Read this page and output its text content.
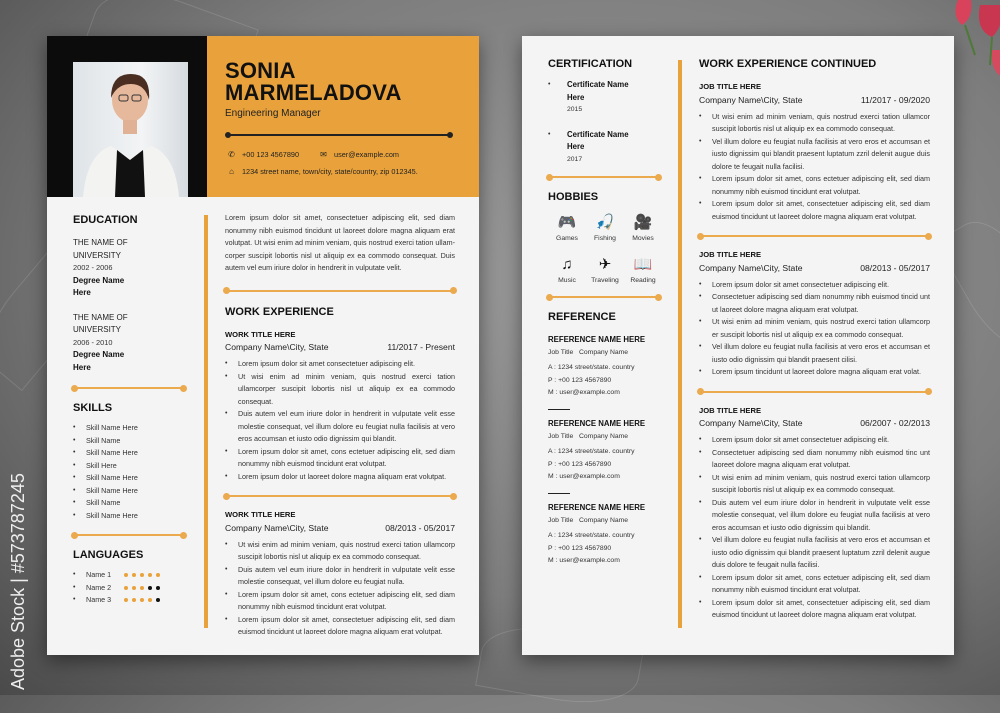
Adobe Stock | #573787245
SONIA
MARMELADOVA
Engineering Manager
✆ +00 123 4567890	✉ user@example.com
⌂ 1234 street name, town/city, state/country, zip 012345.
EDUCATION
THE NAME OF
UNIVERSITY
2002 - 2006
Degree Name
Here
THE NAME OF
UNIVERSITY
2006 - 2010
Degree Name
Here
SKILLS
• Skill Name Here
• Skill Name
• Skill Name Here
• Skill Here
• Skill Name Here
• Skill Name Here
• Skill Name
• Skill Name Here
LANGUAGES
• Name 1
• Name 2
• Name 3
Lorem ipsum dolor sit amet, consectetuer adipiscing elit, sed diam nonummy nibh euismod tincidunt ut laoreet dolore magna aliquam erat volutpat. Ut wisi enim ad minim veniam, quis nostrud exerci tation ullam-corper suscipit lobortis nisl ut aliquip ex ea commodo consequat. Duis autem vel eum iriure dolor in hendrerit in vulputate velit.
WORK EXPERIENCE
WORK TITLE HERE
Company Name\City, State	11/2017 - Present
• Lorem ipsum dolor sit amet consectetuer adipiscing elit.
• Ut wisi enim ad minim veniam, quis nostrud exerci tation ullamcorper suscipit lobortis nisl ut aliquip ex ea commodo consequat.
• Duis autem vel eum iriure dolor in hendrerit in vulputate velit esse molestie consequat, vel illum dolore eu feugiat nulla facilisis at vero eros accumsan et iusto odio dignissim qui blandit.
• Lorem ipsum dolor sit amet, cons ectetuer adipiscing elit, sed diam nonummy nibh euismod tincidunt erat volutpat.
• Lorem ipsum dolor ut laoreet dolore magna aliquam erat volutpat.
WORK TITLE HERE
Company Name\City, State	08/2013 - 05/2017
• Ut wisi enim ad minim veniam, quis nostrud exerci tation ullamcorp suscipit lobortis nisl ut aliquip ex ea commodo consequat.
• Duis autem vel eum iriure dolor in hendrerit in vulputate velit esse molestie consequat, vel illum dolore eu feugiat nulla.
• Lorem ipsum dolor sit amet, cons ectetuer adipiscing elit, sed diam nonummy nibh euismod tincidunt erat volutpat.
• Lorem ipsum dolor sit amet, consectetuer adipiscing elit, sed diam euismod tincidunt ut laoreet dolore magna aliquam erat volutpat.
CERTIFICATION
• Certificate Name
Here
2015
• Certificate Name
Here
2017
HOBBIES
🎮
Games
🎣
Fishing
🎥
Movies
♫
Music
✈
Traveling
📖
Reading
REFERENCE
REFERENCE NAME HERE
Job Title   Company Name
A : 1234 street/state. country
P : +00 123 4567890
M : user@example.com
REFERENCE NAME HERE
Job Title   Company Name
A : 1234 street/state. country
P : +00 123 4567890
M : user@example.com
REFERENCE NAME HERE
Job Title   Company Name
A : 1234 street/state. country
P : +00 123 4567890
M : user@example.com
WORK EXPERIENCE CONTINUED
JOB TITLE HERE
Company Name\City, State	11/2017 - 09/2020
• Ut wisi enim ad minim veniam, quis nostrud exerci tation ullamcor suscipit lobortis nisl ut aliquip ex ea commodo consequat.
• Vel illum dolore eu feugiat nulla facilisis at vero eros et accumsan et iusto dignissim qui blandit praesent luptatum zzril delenit augue duis dolore te feugait nulla facilisi.
• Lorem ipsum dolor sit amet, cons ectetuer adipiscing elit, sed diam nonummy nibh euismod tincidunt erat volutpat.
• Lorem ipsum dolor sit amet, consectetuer adipiscing elit, sed diam euismod tincidunt ut laoreet dolore magna aliquam erat volutpat.
JOB TITLE HERE
Company Name\City, State	08/2013 - 05/2017
• Lorem ipsum dolor sit amet consectetuer adipiscing elit.
• Consectetuer adipiscing sed diam nonummy nibh euismod tincid unt ut laoreet dolore magna aliquam erat volutpat.
• Ut wisi enim ad minim veniam, quis nostrud exerci tation ullamcorp er suscipit lobortis nisl ut aliquip ex ea commodo consequat.
• Vel illum dolore eu feugiat nulla facilisis at vero eros et accumsan et iusto odio dignissim qui blandit praesent cilisi.
• Lorem ipsum tincidunt ut laoreet dolore magna aliquam erat volat.
JOB TITLE HERE
Company Name\City, State	06/2007 - 02/2013
• Lorem ipsum dolor sit amet consectetuer adipiscing elit.
• Consectetuer adipiscing sed diam nonummy nibh euismod tinc unt laoreet dolore magna aliquam erat volutpat.
• Ut wisi enim ad minim veniam, quis nostrud exerci tation ullamcorp suscipit lobortis nisl ut aliquip ex ea commodo consequat.
• Duis autem vel eum iriure dolor in hendrerit in vulputate velit esse molestie consequat, vel illum dolore eu feugiat nulla facilisis at vero eros accumsan et iusto odio dignissim qui blandit.
• Vel illum dolore eu feugiat nulla facilisis at vero eros et accumsan et iusto odio dignissim qui blandit praesent luptatum zzril delenit augue duis dolore te feugait nulla facilisi.
• Lorem ipsum dolor sit amet, cons ectetuer adipiscing elit, sed diam nonummy nibh euismod tincidunt erat volutpat.
• Lorem ipsum dolor sit amet, consectetuer adipiscing elit, sed diam euismod tincidunt ut laoreet dolore magna aliquam erat volutpat.
